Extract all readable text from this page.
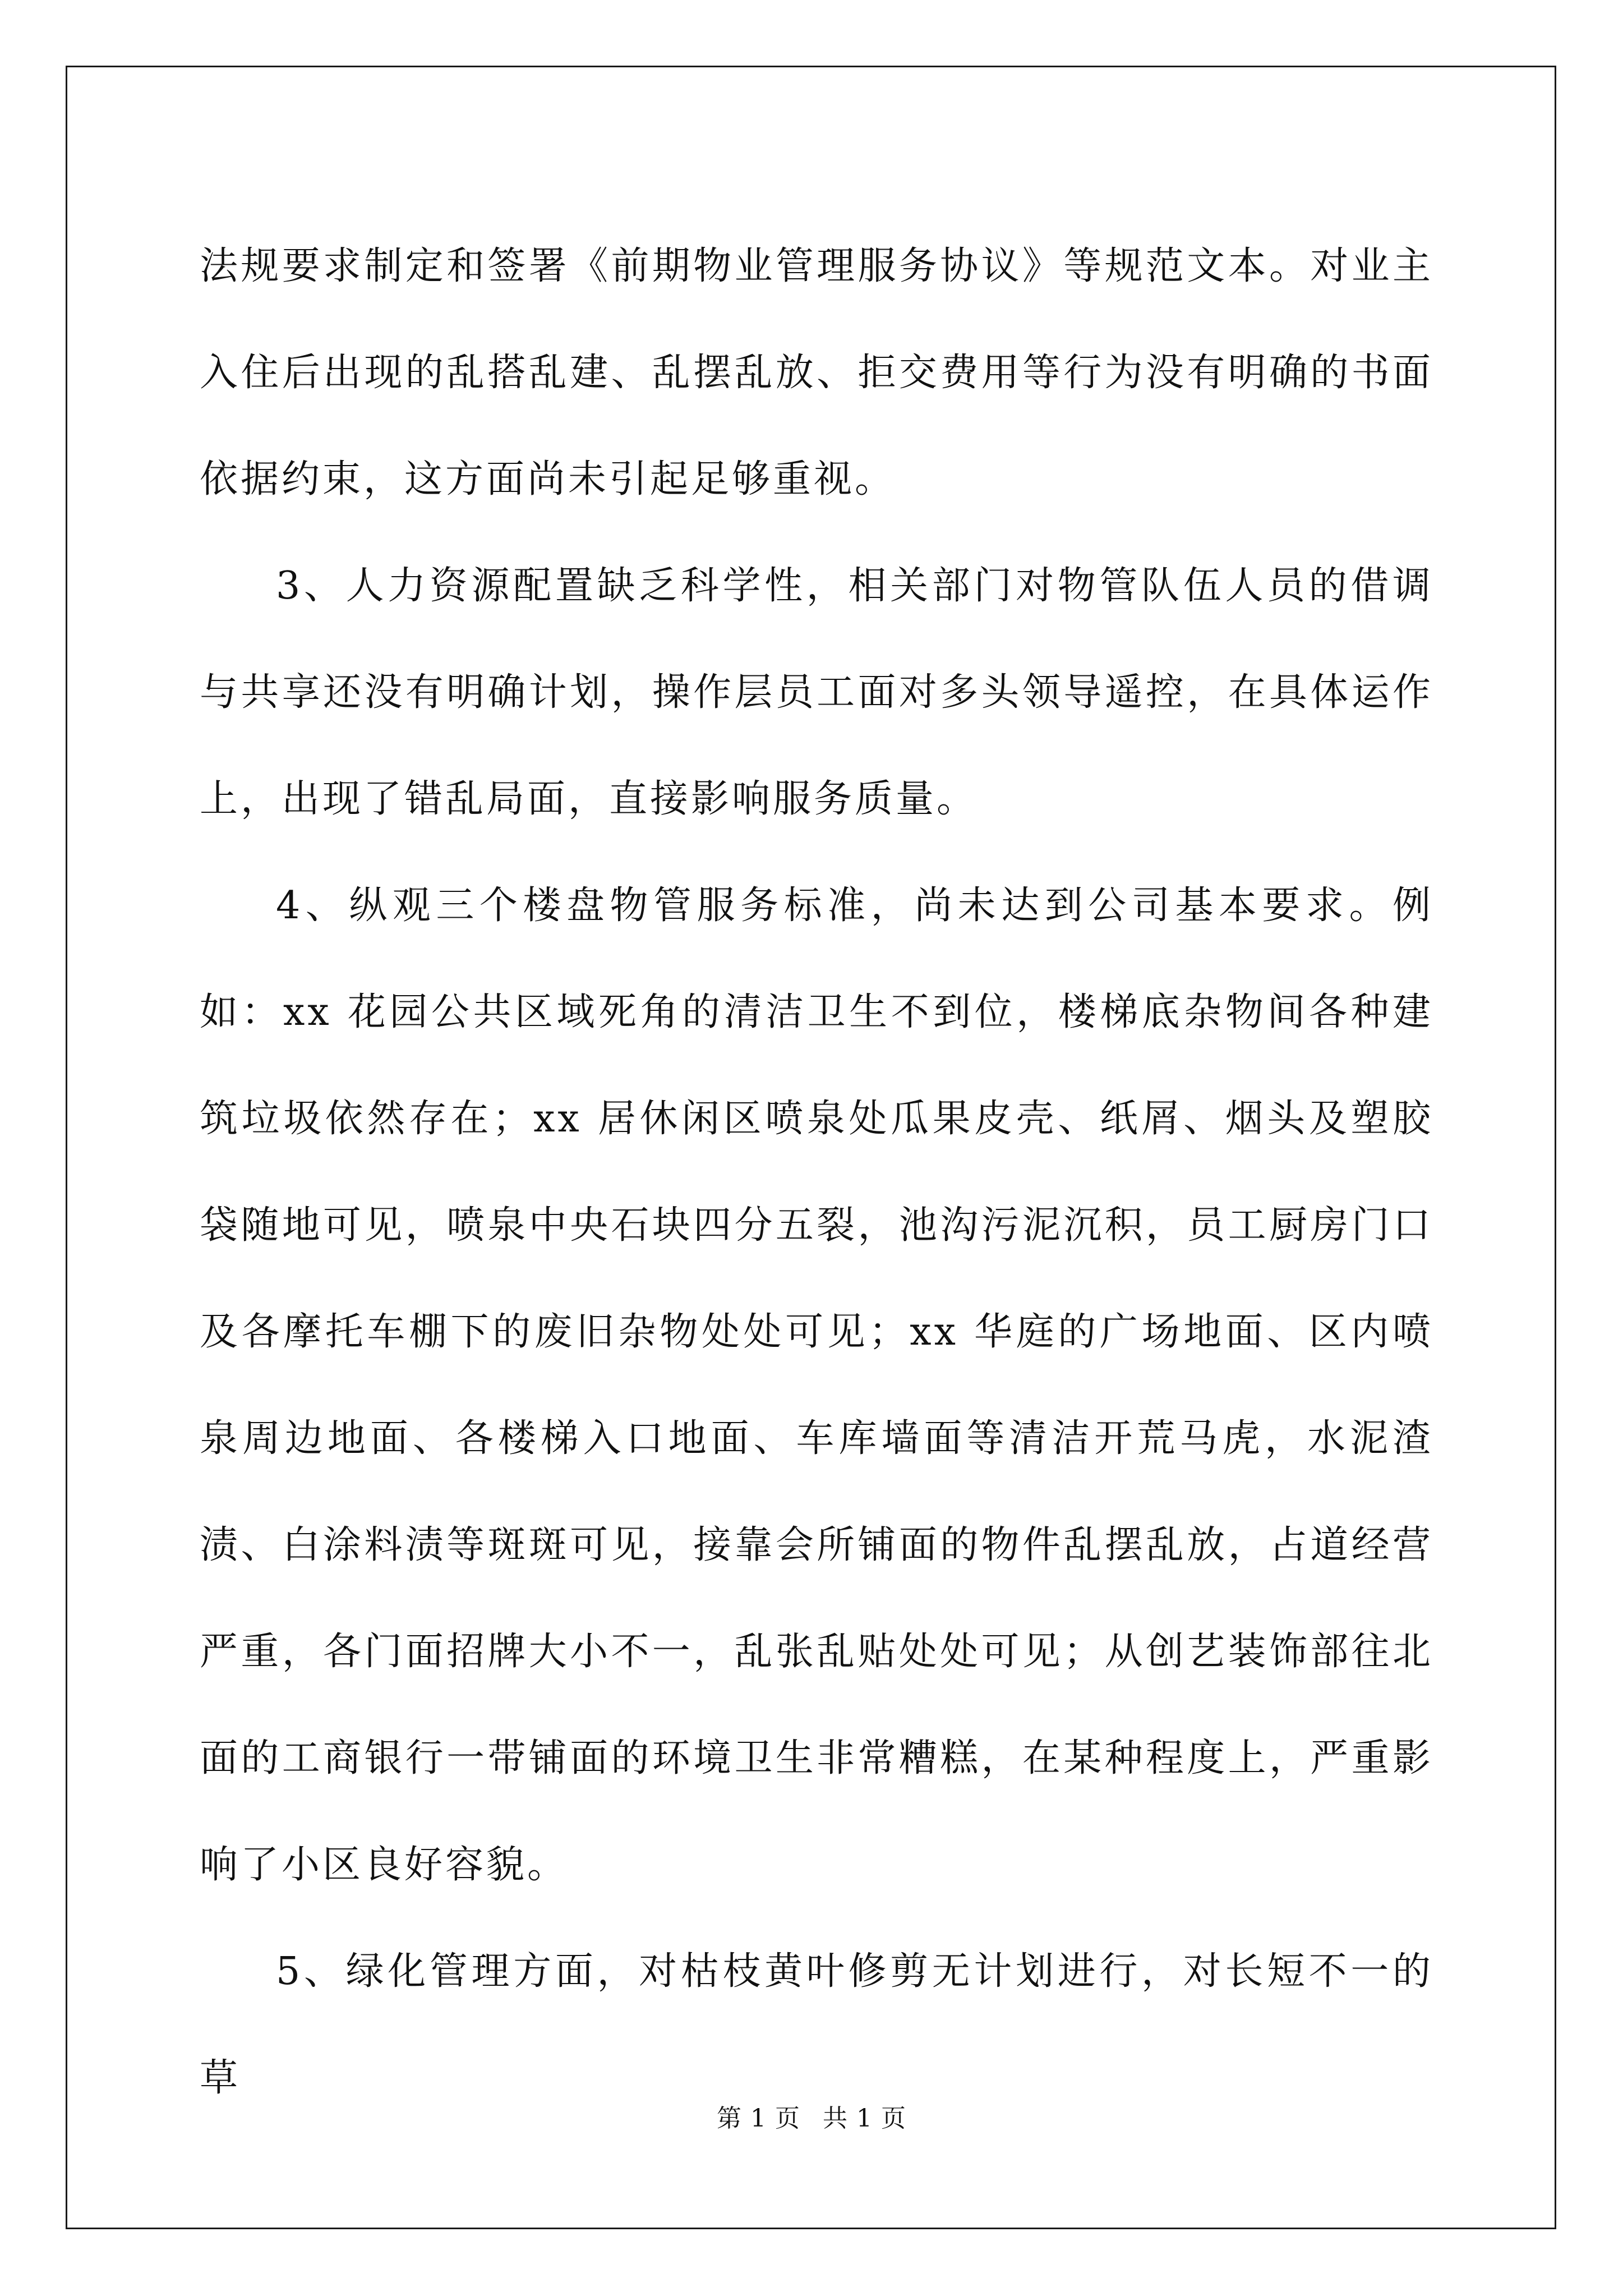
法规要求制定和签署《前期物业管理服务协议》等规范文本。对业主入住后出现的乱搭乱建、乱摆乱放、拒交费用等行为没有明确的书面依据约束，这方面尚未引起足够重视。

3、人力资源配置缺乏科学性，相关部门对物管队伍人员的借调与共享还没有明确计划，操作层员工面对多头领导遥控，在具体运作上，出现了错乱局面，直接影响服务质量。

4、纵观三个楼盘物管服务标准，尚未达到公司基本要求。例如：xx 花园公共区域死角的清洁卫生不到位，楼梯底杂物间各种建筑垃圾依然存在；xx 居休闲区喷泉处瓜果皮壳、纸屑、烟头及塑胶袋随地可见，喷泉中央石块四分五裂，池沟污泥沉积，员工厨房门口及各摩托车棚下的废旧杂物处处可见；xx 华庭的广场地面、区内喷泉周边地面、各楼梯入口地面、车库墙面等清洁开荒马虎，水泥渣渍、白涂料渍等斑斑可见，接靠会所铺面的物件乱摆乱放，占道经营严重，各门面招牌大小不一，乱张乱贴处处可见；从创艺装饰部往北面的工商银行一带铺面的环境卫生非常糟糕，在某种程度上，严重影响了小区良好容貌。

5、绿化管理方面，对枯枝黄叶修剪无计划进行，对长短不一的草

第 1 页 共 1 页
